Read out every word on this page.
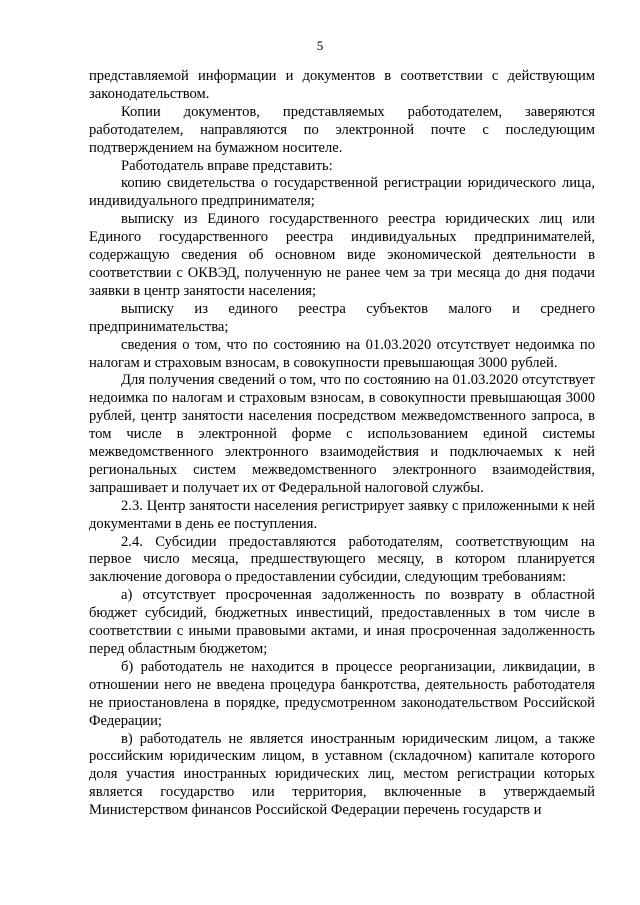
5

представляемой информации и документов в соответствии с действующим законодательством.

Копии документов, представляемых работодателем, заверяются работодателем, направляются по электронной почте с последующим подтверждением на бумажном носителе.

Работодатель вправе представить:

копию свидетельства о государственной регистрации юридического лица, индивидуального предпринимателя;

выписку из Единого государственного реестра юридических лиц или Единого государственного реестра индивидуальных предпринимателей, содержащую сведения об основном виде экономической деятельности в соответствии с ОКВЭД, полученную не ранее чем за три месяца до дня подачи заявки в центр занятости населения;

выписку из единого реестра субъектов малого и среднего предпринимательства;

сведения о том, что по состоянию на 01.03.2020 отсутствует недоимка по налогам и страховым взносам, в совокупности превышающая 3000 рублей.

Для получения сведений о том, что по состоянию на 01.03.2020 отсутствует недоимка по налогам и страховым взносам, в совокупности превышающая 3000 рублей, центр занятости населения посредством межведомственного запроса, в том числе в электронной форме с использованием единой системы межведомственного электронного взаимодействия и подключаемых к ней региональных систем межведомственного электронного взаимодействия, запрашивает и получает их от Федеральной налоговой службы.

2.3. Центр занятости населения регистрирует заявку с приложенными к ней документами в день ее поступления.

2.4. Субсидии предоставляются работодателям, соответствующим на первое число месяца, предшествующего месяцу, в котором планируется заключение договора о предоставлении субсидии, следующим требованиям:

а) отсутствует просроченная задолженность по возврату в областной бюджет субсидий, бюджетных инвестиций, предоставленных в том числе в соответствии с иными правовыми актами, и иная просроченная задолженность перед областным бюджетом;

б) работодатель не находится в процессе реорганизации, ликвидации, в отношении него не введена процедура банкротства, деятельность работодателя не приостановлена в порядке, предусмотренном законодательством Российской Федерации;

в) работодатель не является иностранным юридическим лицом, а также российским юридическим лицом, в уставном (складочном) капитале которого доля участия иностранных юридических лиц, местом регистрации которых является государство или территория, включенные в утверждаемый Министерством финансов Российской Федерации перечень государств и
